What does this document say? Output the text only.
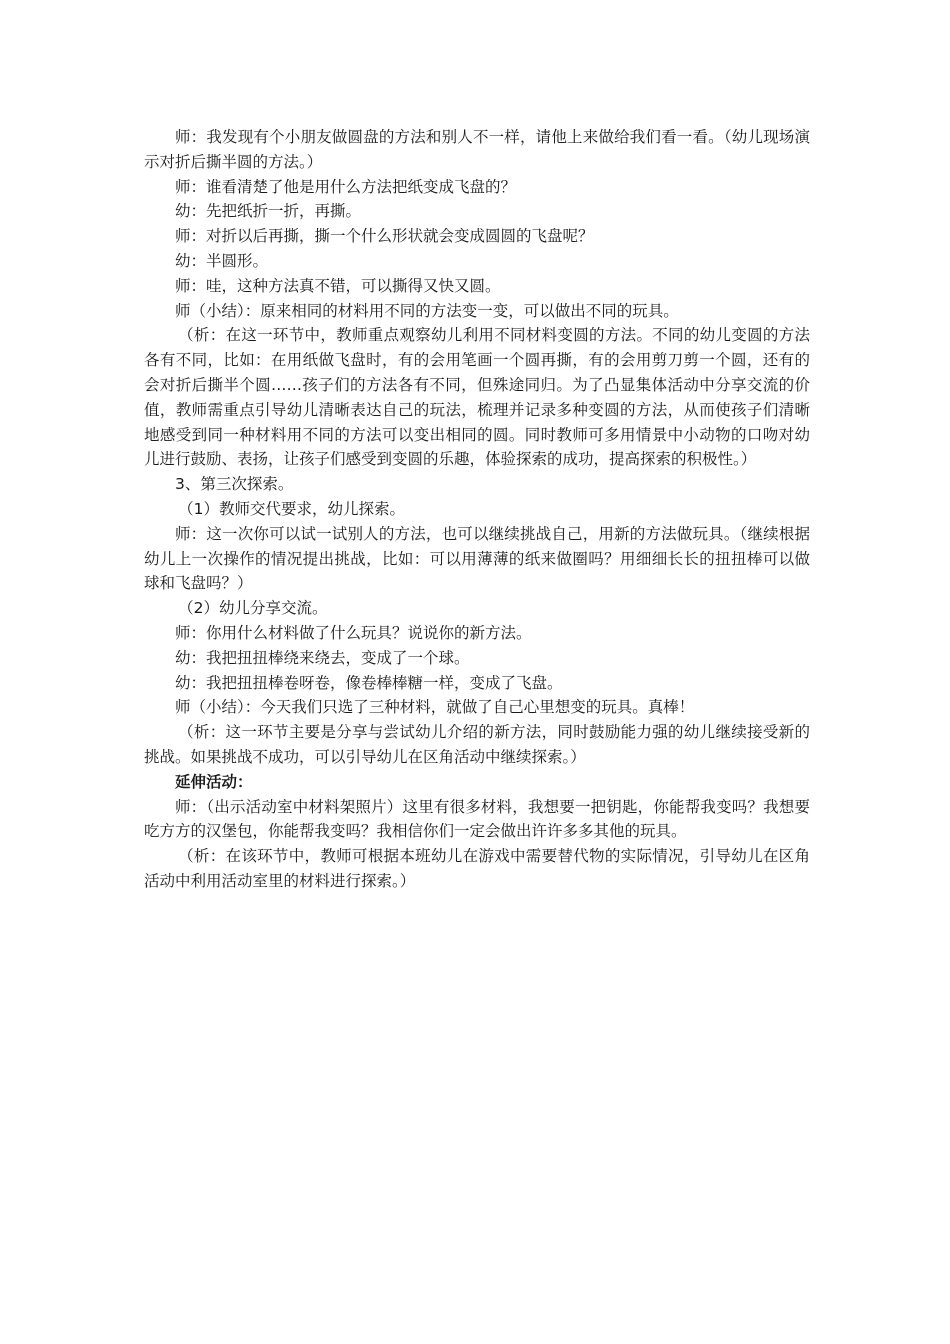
师：我发现有个小朋友做圆盘的方法和别人不一样，请他上来做给我们看一看。（幼儿现场演示对折后撕半圆的方法。）

师：谁看清楚了他是用什么方法把纸变成飞盘的？

幼：先把纸折一折，再撕。

师：对折以后再撕，撕一个什么形状就会变成圆圆的飞盘呢？

幼：半圆形。

师：哇，这种方法真不错，可以撕得又快又圆。

师（小结）：原来相同的材料用不同的方法变一变，可以做出不同的玩具。

（析：在这一环节中，教师重点观察幼儿利用不同材料变圆的方法。不同的幼儿变圆的方法各有不同，比如：在用纸做飞盘时，有的会用笔画一个圆再撕，有的会用剪刀剪一个圆，还有的会对折后撕半个圆……孩子们的方法各有不同，但殊途同归。为了凸显集体活动中分享交流的价值，教师需重点引导幼儿清晰表达自己的玩法，梳理并记录多种变圆的方法，从而使孩子们清晰地感受到同一种材料用不同的方法可以变出相同的圆。同时教师可多用情景中小动物的口吻对幼儿进行鼓励、表扬，让孩子们感受到变圆的乐趣，体验探索的成功，提高探索的积极性。）

3、第三次探索。

（1）教师交代要求，幼儿探索。

师：这一次你可以试一试别人的方法，也可以继续挑战自己，用新的方法做玩具。（继续根据幼儿上一次操作的情况提出挑战，比如：可以用薄薄的纸来做圈吗？用细细长长的扭扭棒可以做球和飞盘吗？）

（2）幼儿分享交流。

师：你用什么材料做了什么玩具？说说你的新方法。

幼：我把扭扭棒绕来绕去，变成了一个球。

幼：我把扭扭棒卷呀卷，像卷棒棒糖一样，变成了飞盘。

师（小结）：今天我们只选了三种材料，就做了自己心里想变的玩具。真棒！

（析：这一环节主要是分享与尝试幼儿介绍的新方法，同时鼓励能力强的幼儿继续接受新的挑战。如果挑战不成功，可以引导幼儿在区角活动中继续探索。）

延伸活动：

师：（出示活动室中材料架照片）这里有很多材料，我想要一把钥匙，你能帮我变吗？我想要吃方方的汉堡包，你能帮我变吗？我相信你们一定会做出许许多多其他的玩具。

（析：在该环节中，教师可根据本班幼儿在游戏中需要替代物的实际情况，引导幼儿在区角活动中利用活动室里的材料进行探索。）
